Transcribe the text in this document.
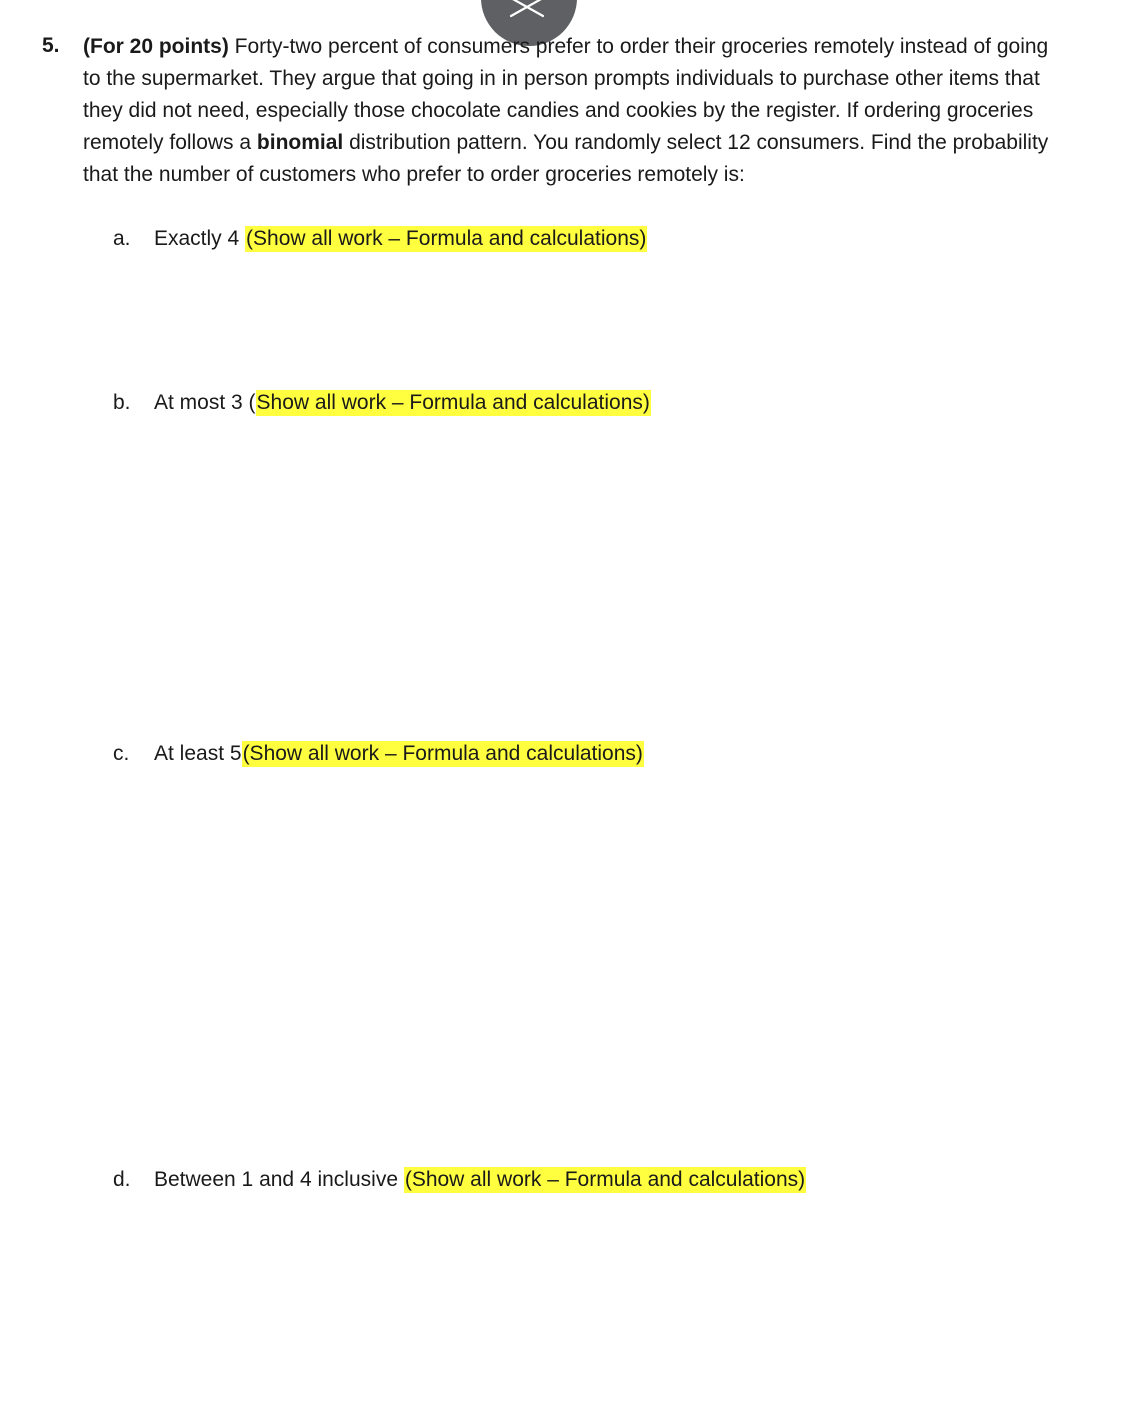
5. (For 20 points) Forty-two percent of consumers prefer to order their groceries remotely instead of going to the supermarket. They argue that going in in person prompts individuals to purchase other items that they did not need, especially those chocolate candies and cookies by the register. If ordering groceries remotely follows a binomial distribution pattern. You randomly select 12 consumers. Find the probability that the number of customers who prefer to order groceries remotely is:
a. Exactly 4 (Show all work – Formula and calculations)
b. At most 3 (Show all work – Formula and calculations)
c. At least 5(Show all work – Formula and calculations)
d. Between 1 and 4 inclusive (Show all work – Formula and calculations)
